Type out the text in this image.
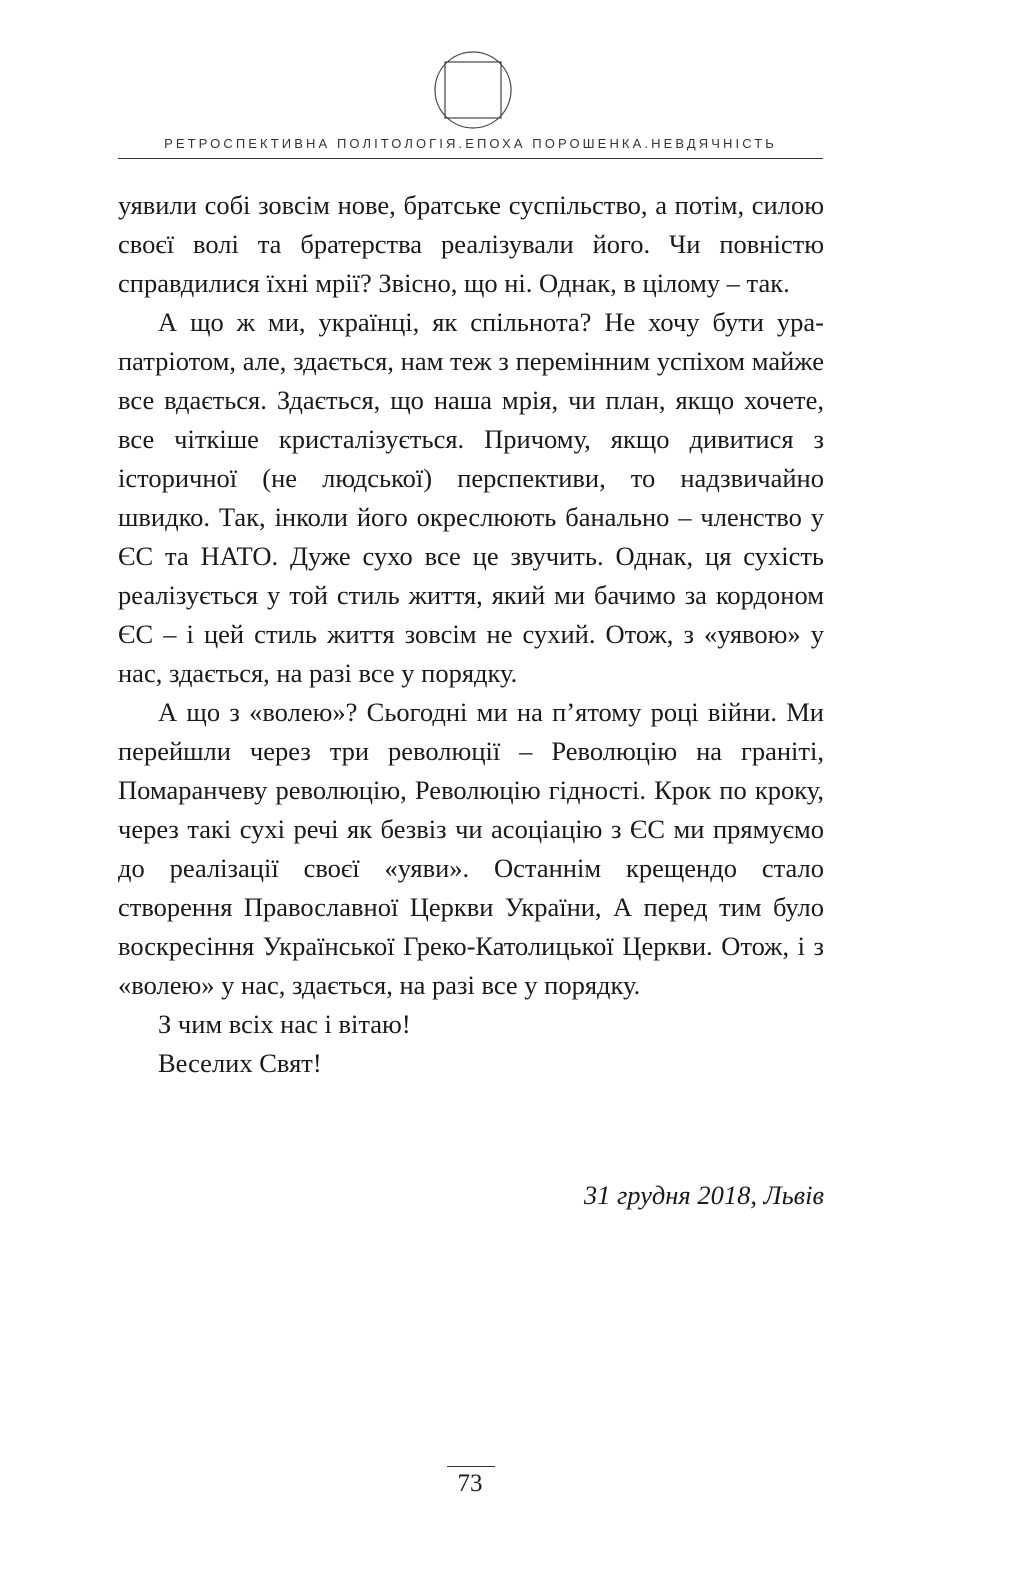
РЕТРОСПЕКТИВНА ПОЛІТОЛОГІЯ.ЕПОХА ПОРОШЕНКА.НЕВДЯЧНІСТЬ

уявили собі зовсім нове, братське суспільство, а потім, силою своєї волі та братерства реалізували його. Чи повністю справдилися їхні мрії? Звісно, що ні. Однак, в цілому – так.

А що ж ми, українці, як спільнота? Не хочу бути ура-патріотом, але, здається, нам теж з перемінним успіхом майже все вдається. Здається, що наша мрія, чи план, якщо хочете, все чіткіше кристалізується. Причому, якщо дивитися з історичної (не людської) перспективи, то надзвичайно швидко. Так, інколи його окреслюють банально – членство у ЄС та НАТО. Дуже сухо все це звучить. Однак, ця сухість реалізується у той стиль життя, який ми бачимо за кордоном ЄС – і цей стиль життя зовсім не сухий. Отож, з «уявою» у нас, здається, на разі все у порядку.

А що з «волею»? Сьогодні ми на п’ятому році війни. Ми перейшли через три революції – Революцію на граніті, Помаранчеву революцію, Революцію гідності. Крок по кроку, через такі сухі речі як безвіз чи асоціацію з ЄС ми прямуємо до реалізації своєї «уяви». Останнім крещендо стало створення Православної Церкви України, А перед тим було воскресіння Української Греко-Католицької Церкви. Отож, і з «волею» у нас, здається, на разі все у порядку.

З чим всіх нас і вітаю!

Веселих Свят!

31 грудня 2018, Львів
73
